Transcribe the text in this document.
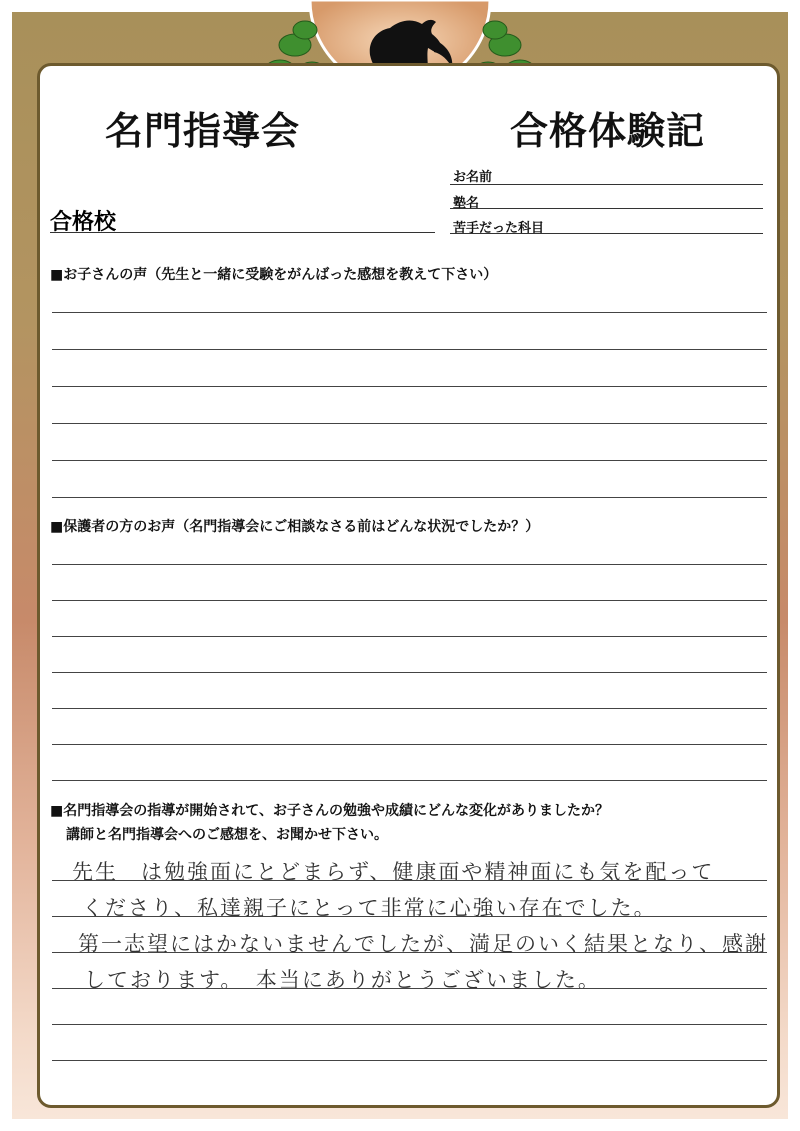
名門指導会	合格体験記
お名前
塾名
苦手だった科目
合格校
■お子さんの声（先生と一緒に受験をがんばった感想を教えて下さい）
■保護者の方のお声（名門指導会にご相談なさる前はどんな状況でしたか？）
■名門指導会の指導が開始されて、お子さんの勉強や成績にどんな変化がありましたか？
講師と名門指導会へのご感想を、お聞かせ下さい。
先生　は勉強面にとどまらず、健康面や精神面にも気を配って
くださり、私達親子にとって非常に心強い存在でした。
第一志望にはかないませんでしたが、満足のいく結果となり、感謝
しております。　本当にありがとうございました。
